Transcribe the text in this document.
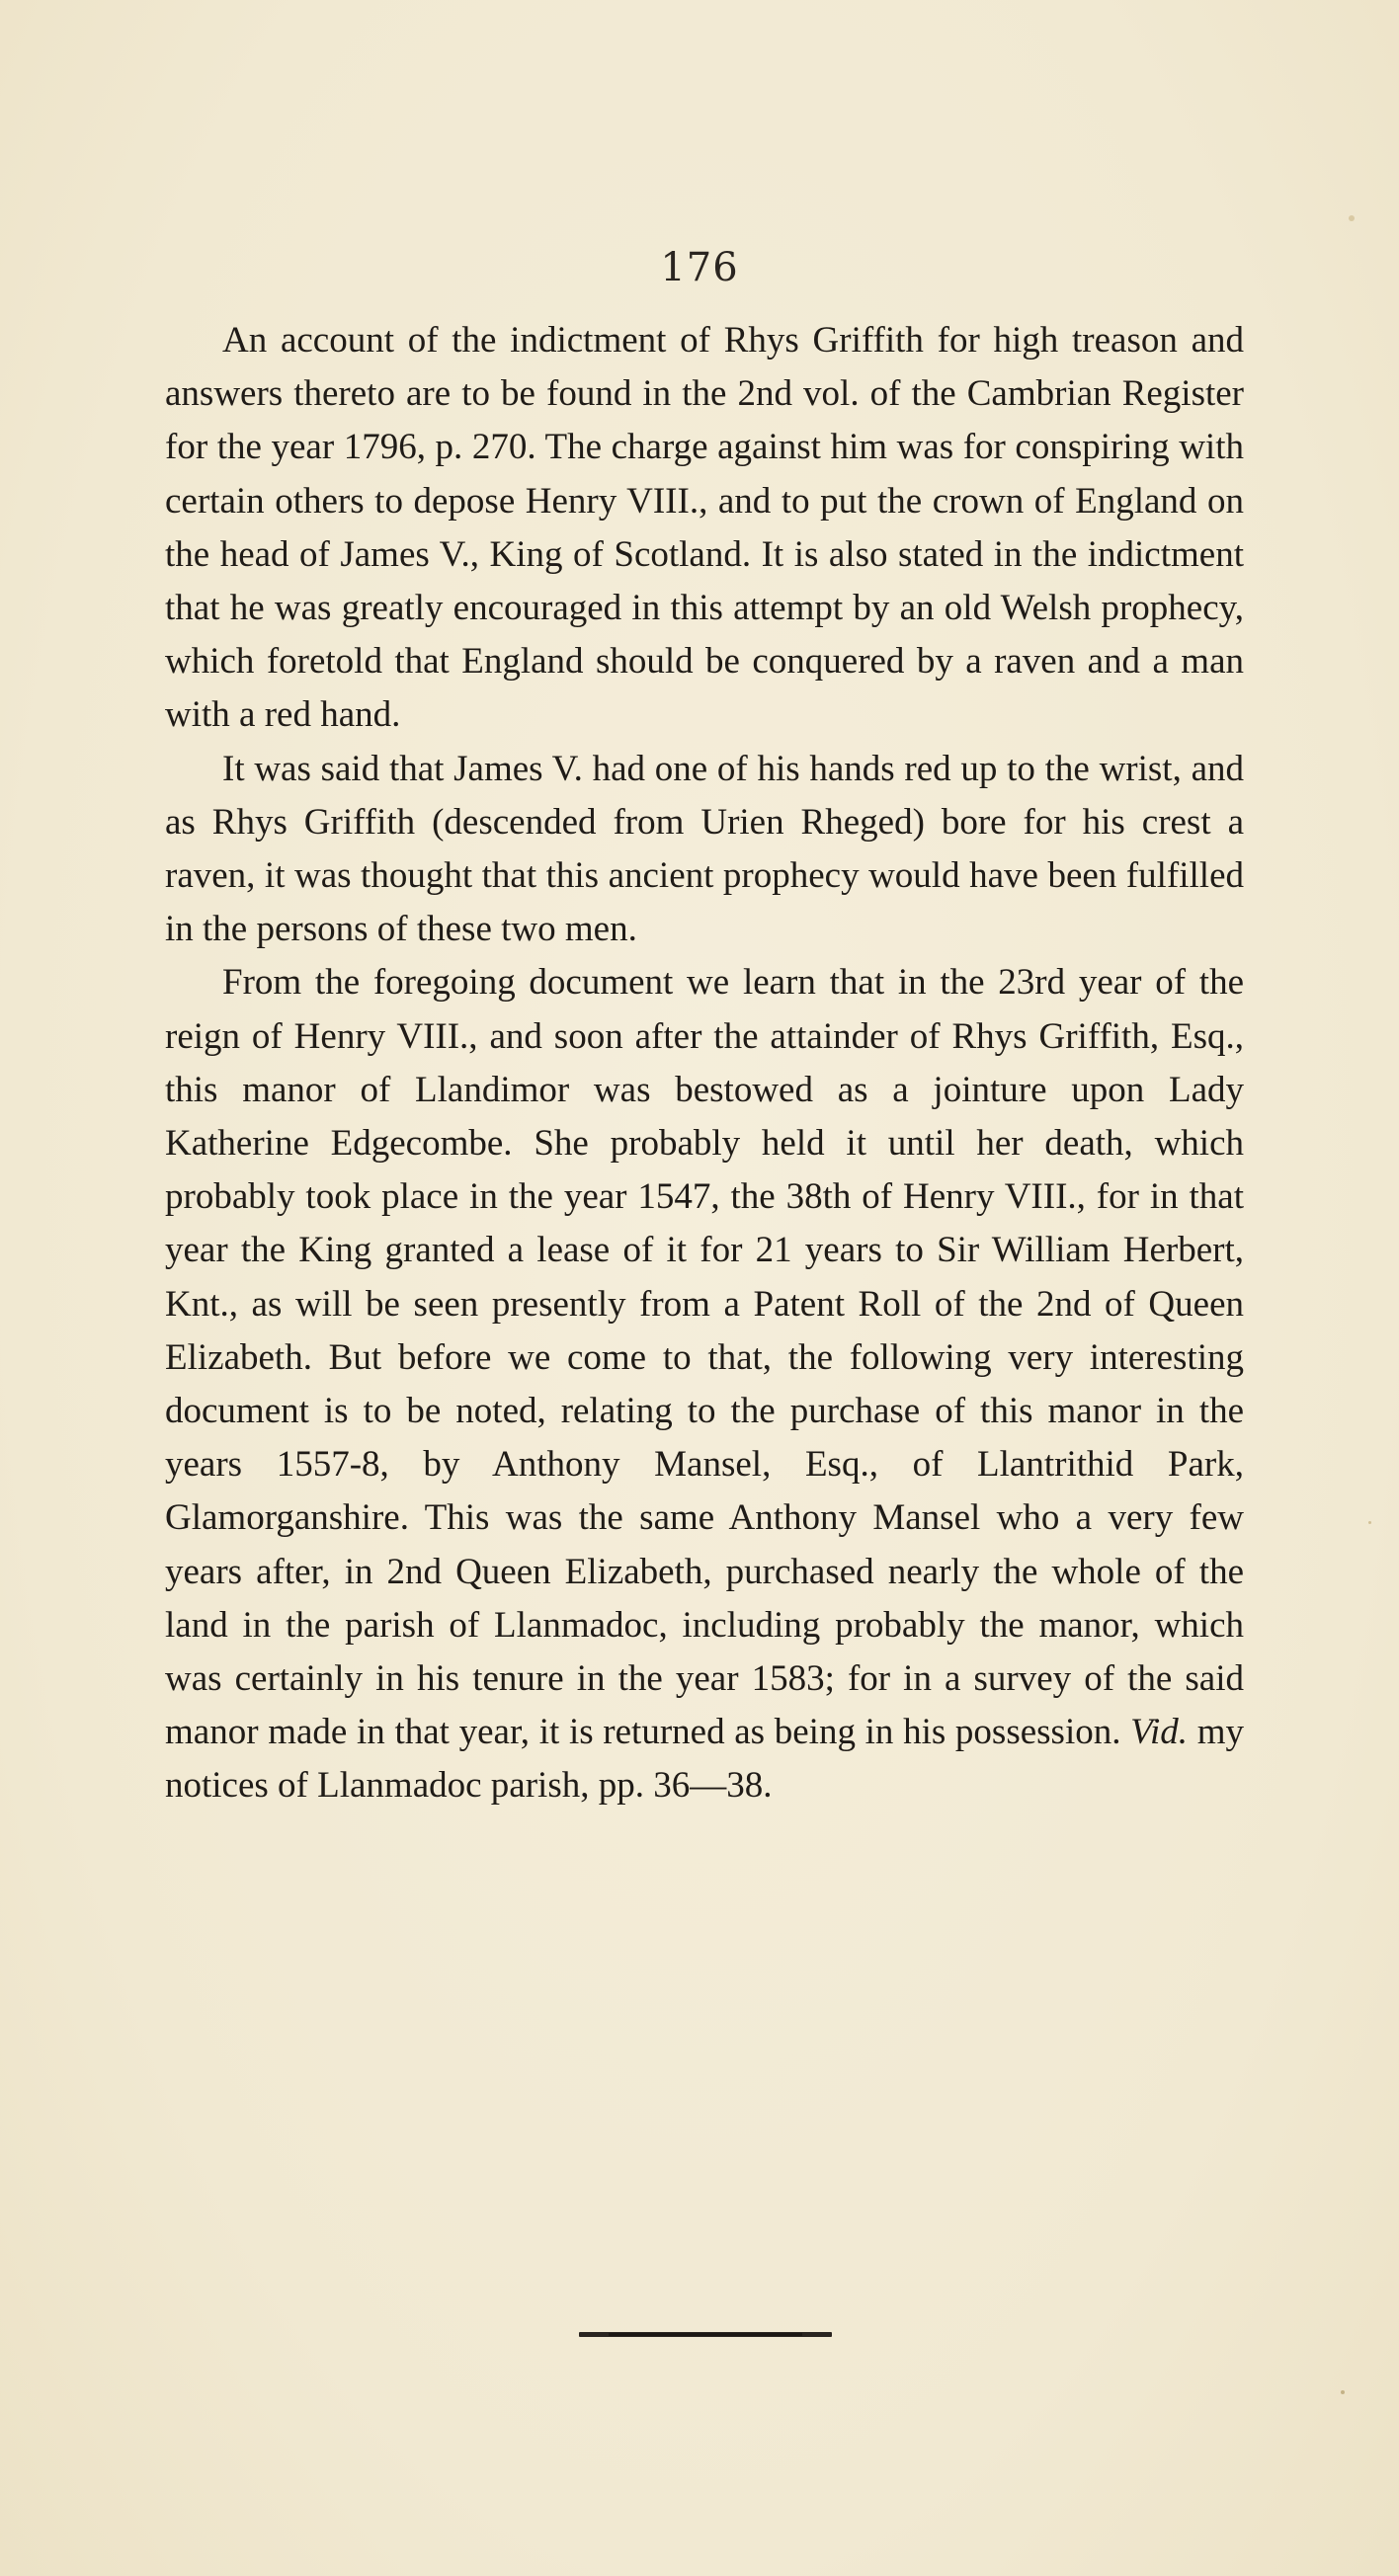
176

An account of the indictment of Rhys Griffith for high treason and answers thereto are to be found in the 2nd vol. of the Cambrian Register for the year 1796, p. 270. The charge against him was for conspiring with certain others to depose Henry VIII., and to put the crown of England on the head of James V., King of Scotland. It is also stated in the indictment that he was greatly encouraged in this attempt by an old Welsh prophecy, which foretold that England should be conquered by a raven and a man with a red hand.

It was said that James V. had one of his hands red up to the wrist, and as Rhys Griffith (descended from Urien Rheged) bore for his crest a raven, it was thought that this ancient prophecy would have been fulfilled in the persons of these two men.

From the foregoing document we learn that in the 23rd year of the reign of Henry VIII., and soon after the attainder of Rhys Griffith, Esq., this manor of Llandimor was bestowed as a jointure upon Lady Katherine Edgecombe. She probably held it until her death, which probably took place in the year 1547, the 38th of Henry VIII., for in that year the King granted a lease of it for 21 years to Sir William Herbert, Knt., as will be seen presently from a Patent Roll of the 2nd of Queen Elizabeth. But before we come to that, the following very interesting document is to be noted, relating to the purchase of this manor in the years 1557-8, by Anthony Mansel, Esq., of Llantrithid Park, Glamorganshire. This was the same Anthony Mansel who a very few years after, in 2nd Queen Elizabeth, purchased nearly the whole of the land in the parish of Llanmadoc, including probably the manor, which was certainly in his tenure in the year 1583; for in a survey of the said manor made in that year, it is returned as being in his possession. Vid. my notices of Llanmadoc parish, pp. 36—38.
